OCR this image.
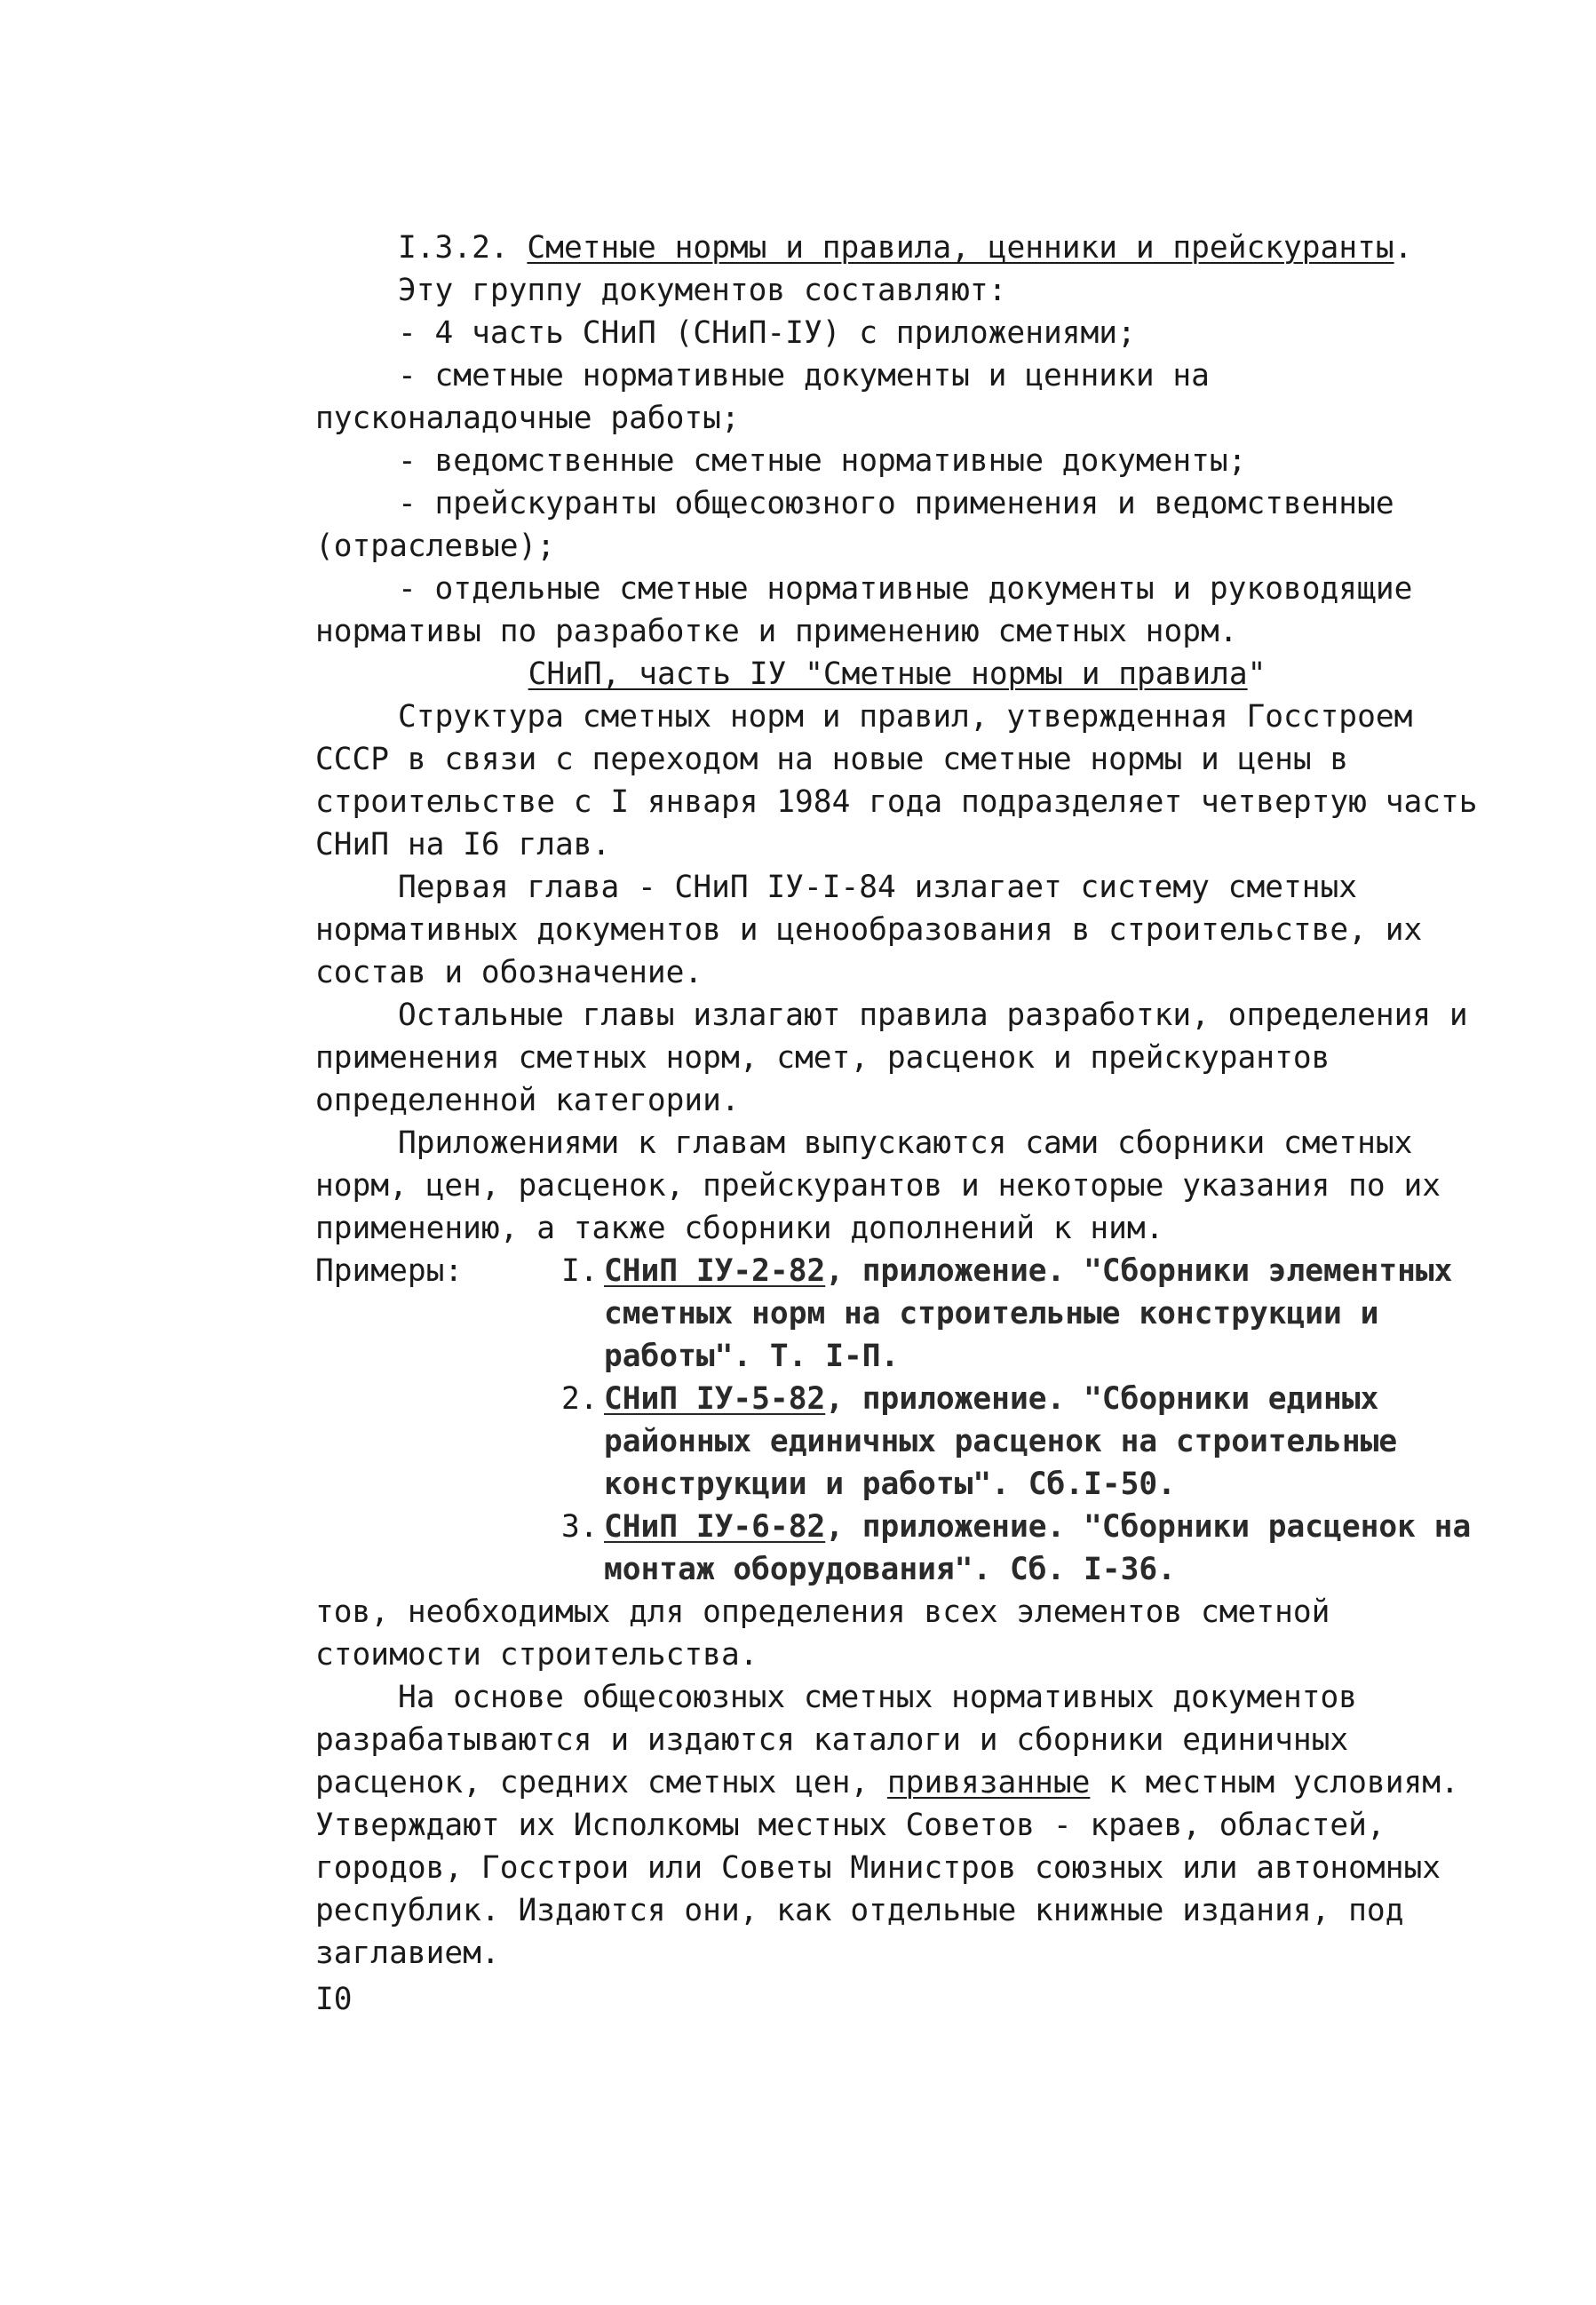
I.3.2. Сметные нормы и правила, ценники и прейскуранты.

Эту группу документов составляют:

- 4 часть СНиП (СНиП-IУ) с приложениями;

- сметные нормативные документы и ценники на пусконаладочные работы;

- ведомственные сметные нормативные документы;

- прейскуранты общесоюзного применения и ведомственные (отраслевые);

- отдельные сметные нормативные документы и руководящие нормативы по разработке и применению сметных норм.

СНиП, часть IУ "Сметные нормы и правила"

Структура сметных норм и правил, утвержденная Госстроем СССР в связи с переходом на новые сметные нормы и цены в строительстве с I января 1984 года подразделяет четвертую часть СНиП на I6 глав.

Первая глава - СНиП IУ-I-84 излагает систему сметных нормативных документов и ценообразования в строительстве, их состав и обозначение.

Остальные главы излагают правила разработки, определения и применения сметных норм, смет, расценок и прейскурантов определенной категории.

Приложениями к главам выпускаются сами сборники сметных норм, цен, расценок, прейскурантов и некоторые указания по их применению, а также сборники дополнений к ним.

Примеры:	I. СНиП IУ-2-82, приложение. "Сборники элементных сметных норм на строительные конструкции и работы". Т. I-П.

2. СНиП IУ-5-82, приложение. "Сборники единых районных единичных расценок на строительные конструкции и работы". Сб.I-50.

3. СНиП IУ-6-82, приложение. "Сборники расценок на монтаж оборудования". Сб. I-36.

тов, необходимых для определения всех элементов сметной стоимости строительства.

На основе общесоюзных сметных нормативных документов разрабатываются и издаются каталоги и сборники единичных расценок, средних сметных цен, привязанные к местным условиям. Утверждают их Исполкомы местных Советов - краев, областей, городов, Госстрои или Советы Министров союзных или автономных республик. Издаются они, как отдельные книжные издания, под заглавием.

I0
